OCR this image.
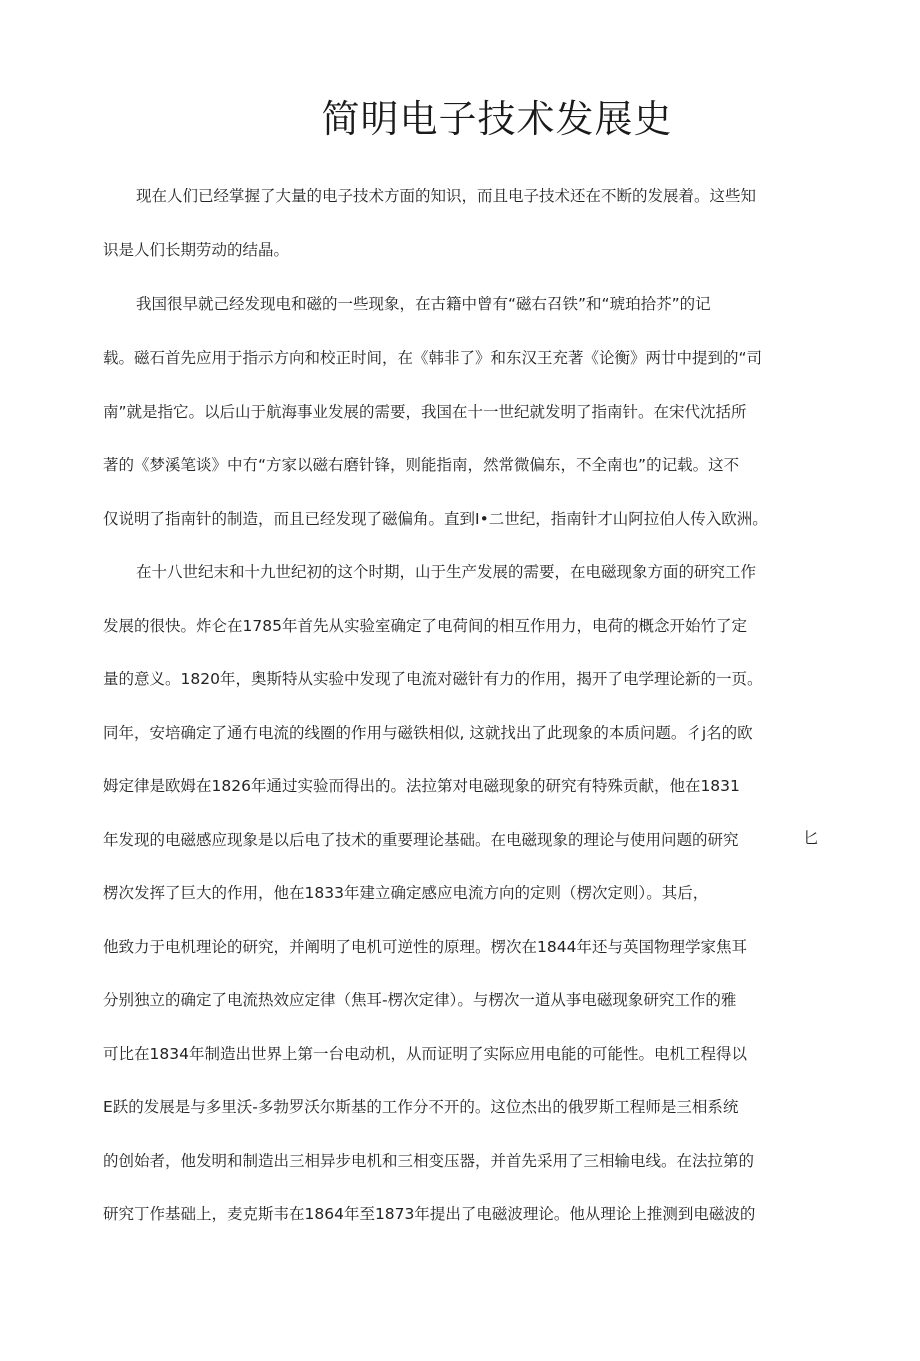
简明电子技术发展史
现在人们已经掌握了大量的电子技术方面的知识，而且电子技术还在不断的发展着。这些知
识是人们长期劳动的结晶。
我国很早就己经发现电和磁的一些现象，在古籍中曾有“磁右召铁”和“琥珀拾芥”的记
载。磁石首先应用于指示方向和校正时间，在《韩非了》和东汉王充著《论衡》两廿中提到的“司
南”就是指它。以后山于航海事业发展的需要，我国在十一世纪就发明了指南针。在宋代沈括所
著的《梦溪笔谈》中冇“方家以磁右磨针锋，则能指南，然常微偏东，不全南也”的记载。这不
仅说明了指南针的制造，而且已经发现了磁偏角。直到I•二世纪，指南针才山阿拉伯人传入欧洲。
在十八世纪末和十九世纪初的这个时期，山于生产发展的需要，在电磁现象方面的研究工作
发展的很快。炸仑在1785年首先从实验室确定了电荷间的相互作用力，电荷的概念开始竹了定
量的意义。1820年，奥斯特从实验中发现了电流对磁针有力的作用，揭开了电学理论新的一页。
同年，安培确定了通冇电流的线圈的作用与磁铁相似, 这就找出了此现象的本质问题。彳j名的欧
姆定律是欧姆在1826年通过实验而得出的。法拉第对电磁现象的研究有特殊贡献，他在1831
年发现的电磁感应现象是以后电了技术的重要理论基础。在电磁现象的理论与使用问题的研究
楞次发挥了巨大的作用，他在1833年建立确定感应电流方向的定则（楞次定则）。其后，
他致力于电机理论的研究，并阐明了电机可逆性的原理。楞次在1844年还与英国物理学家焦耳
分别独立的确定了电流热效应定律（焦耳-楞次定律）。与楞次一道从亊电磁现象研究工作的雅
可比在1834年制造出世界上第一台电动机，从而证明了实际应用电能的可能性。电机工程得以
E跃的发展是与多里沃-多勃罗沃尔斯基的工作分不开的。这位杰出的俄罗斯工程师是三相系统
的创始者，他发明和制造出三相异步电机和三相变压器，并首先采用了三相输电线。在法拉第的
研究丁作基础上，麦克斯韦在1864年至1873年提出了电磁波理论。他从理论上推测到电磁波的
匕
